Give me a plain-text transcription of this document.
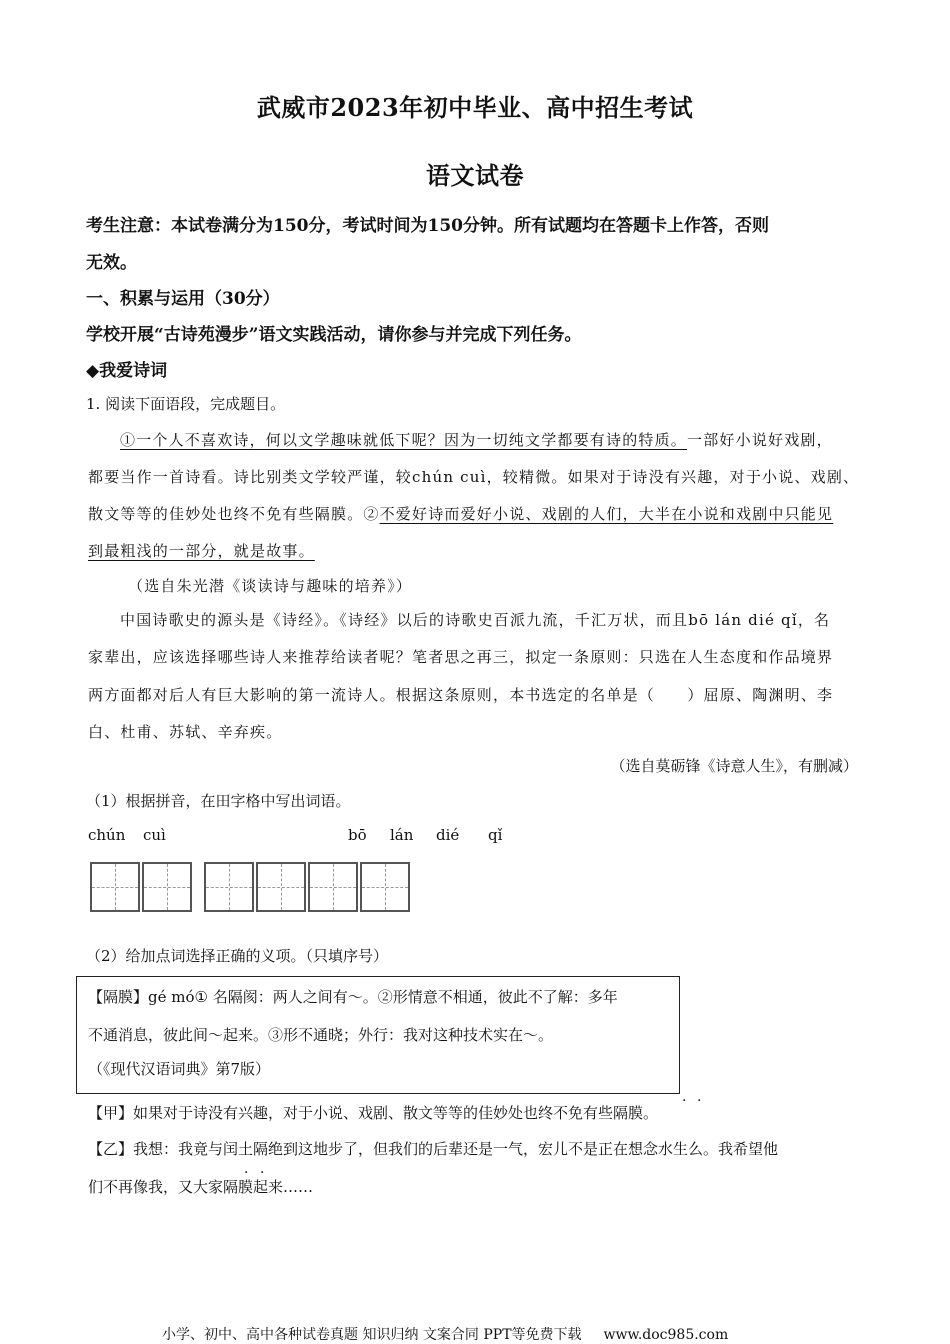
武威市2023年初中毕业、高中招生考试
语文试卷
考生注意：本试卷满分为150分，考试时间为150分钟。所有试题均在答题卡上作答，否则
无效。
一、积累与运用（30分）
学校开展“古诗苑漫步”语文实践活动，请你参与并完成下列任务。
◆我爱诗词
1. 阅读下面语段，完成题目。
①一个人不喜欢诗，何以文学趣味就低下呢？因为一切纯文学都要有诗的特质。一部好小说好戏剧，
都要当作一首诗看。诗比别类文学较严谨，较chún cuì，较精微。如果对于诗没有兴趣，对于小说、戏剧、
散文等等的佳妙处也终不免有些隔膜。②不爱好诗而爱好小说、戏剧的人们，大半在小说和戏剧中只能见
到最粗浅的一部分，就是故事。
（选自朱光潜《谈读诗与趣味的培养》）
中国诗歌史的源头是《诗经》。《诗经》以后的诗歌史百派九流，千汇万状，而且bō lán dié qǐ，名
家辈出，应该选择哪些诗人来推荐给读者呢？笔者思之再三，拟定一条原则：只选在人生态度和作品境界
两方面都对后人有巨大影响的第一流诗人。根据这条原则，本书选定的名单是（　　）屈原、陶渊明、李
白、杜甫、苏轼、辛弃疾。
（选自莫砺锋《诗意人生》，有删减）
（1）根据拼音，在田字格中写出词语。
chún cuì	bō lán dié qǐ
（2）给加点词选择正确的义项。（只填序号）
【隔膜】gé mó① 名隔阂：两人之间有～。②形情意不相通，彼此不了解：多年
不通消息，彼此间～起来。③形不通晓；外行：我对这种技术实在～。
（《现代汉语词典》第7版）
. .
【甲】如果对于诗没有兴趣，对于小说、戏剧、散文等等的佳妙处也终不免有些隔膜。
【乙】我想：我竟与闰土隔绝到这地步了，但我们的后辈还是一气，宏儿不是正在想念水生么。我希望他
. .
们不再像我，又大家隔膜起来……
小学、初中、高中各种试卷真题 知识归纳 文案合同 PPT等免费下载 www.doc985.com
